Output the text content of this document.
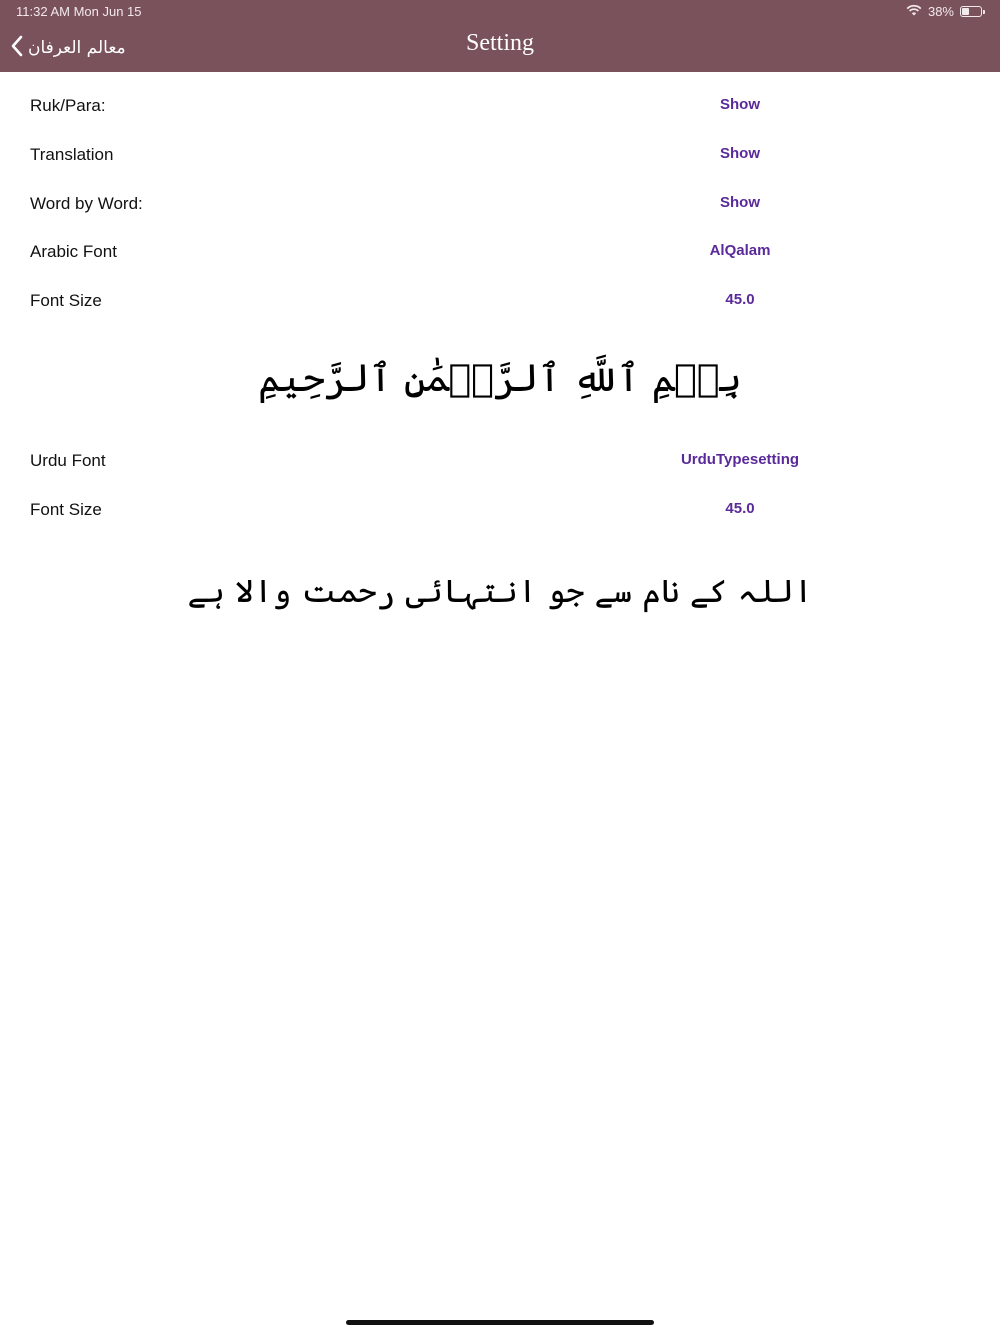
11:32 AM Mon Jun 15	38%
معالم العرفان	Setting
Ruk/Para:	Show
Translation	Show
Word by Word:	Show
Arabic Font	AlQalam
Font Size	45.0
بِسۡمِ ٱللَّهِ ٱلرَّحۡمَٰنِ ٱلرَّحِيمِ
Urdu Font	UrduTypesetting
Font Size	45.0
اللہ کے نام سے جو انتہائی رحمت والا ہے
